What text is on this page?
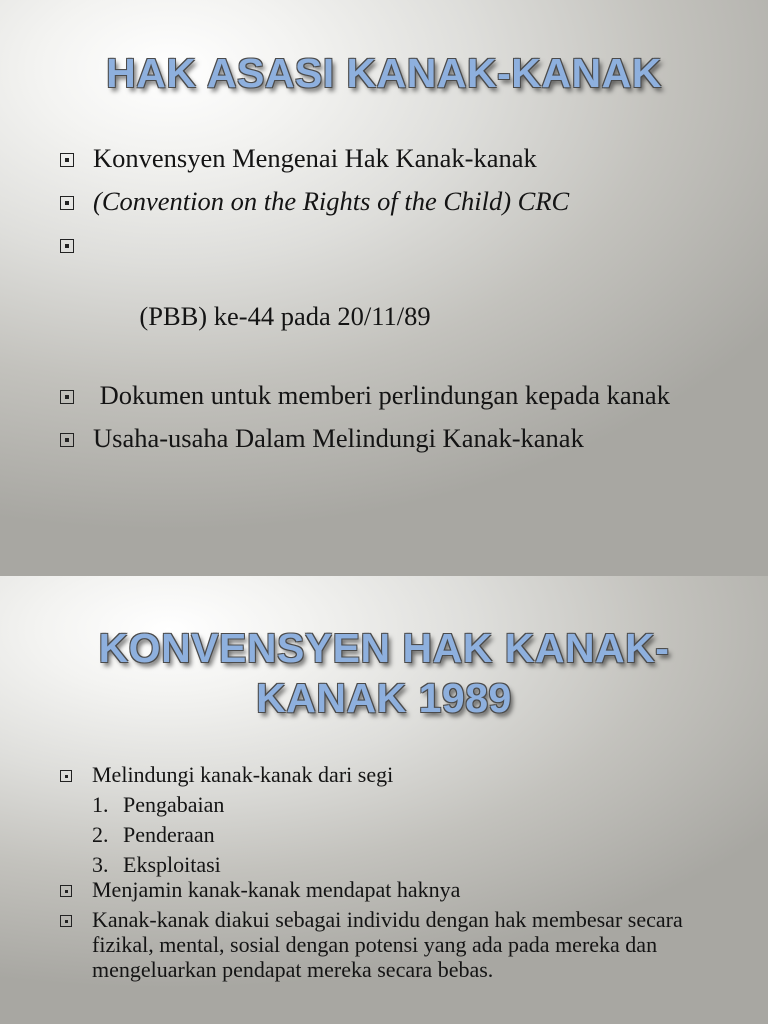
HAK ASASI KANAK-KANAK
Konvensyen Mengenai Hak Kanak-kanak
(Convention on the Rights of the Child) CRC

(PBB) ke-44 pada 20/11/89

Dokumen untuk memberi perlindungan kepada kanak
Usaha-usaha Dalam Melindungi Kanak-kanak
KONVENSYEN HAK KANAK-KANAK 1989
Melindungi kanak-kanak dari segi
1. Pengabaian
2. Penderaan
3. Eksploitasi
Menjamin kanak-kanak mendapat haknya
Kanak-kanak diakui sebagai individu dengan hak membesar secara fizikal, mental, sosial dengan potensi yang ada pada mereka dan mengeluarkan pendapat mereka secara bebas.
